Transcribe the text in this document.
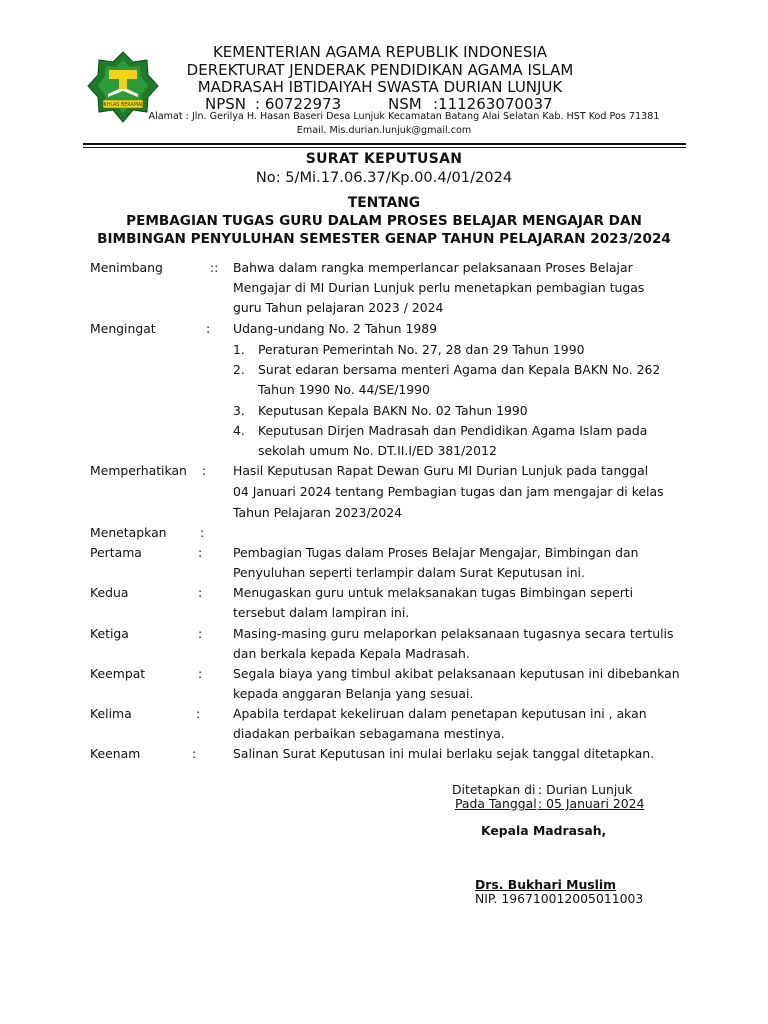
IKHLAS BERAMAL
KEMENTERIAN AGAMA REPUBLIK INDONESIA
DEREKTURAT JENDERAK PENDIDIKAN AGAMA ISLAM
MADRASAH IBTIDAIYAH SWASTA DURIAN LUNJUK
NPSN : 60722973	NSM :111263070037
Alamat : Jln. Gerilya H. Hasan Baseri Desa Lunjuk Kecamatan Batang Alai Selatan Kab. HST Kod Pos 71381
Email. Mis.durian.lunjuk@gmail.com
SURAT KEPUTUSAN
No: 5/Mi.17.06.37/Kp.00.4/01/2024
TENTANG
PEMBAGIAN TUGAS GURU DALAM PROSES BELAJAR MENGAJAR DAN
BIMBINGAN PENYULUHAN SEMESTER GENAP TAHUN PELAJARAN 2023/2024
Menimbang	:: Bahwa dalam rangka memperlancar pelaksanaan Proses Belajar
Mengajar di MI Durian Lunjuk perlu menetapkan pembagian tugas
guru Tahun pelajaran 2023 / 2024
Mengingat	: Udang-undang No. 2 Tahun 1989
1. Peraturan Pemerintah No. 27, 28 dan 29 Tahun 1990
2. Surat edaran bersama menteri Agama dan Kepala BAKN No. 262
Tahun 1990 No. 44/SE/1990
3. Keputusan Kepala BAKN No. 02 Tahun 1990
4. Keputusan Dirjen Madrasah dan Pendidikan Agama Islam pada
sekolah umum No. DT.II.I/ED 381/2012
Memperhatikan : Hasil Keputusan Rapat Dewan Guru MI Durian Lunjuk pada tanggal
04 Januari 2024 tentang Pembagian tugas dan jam mengajar di kelas
Tahun Pelajaran 2023/2024
Menetapkan	:
Pertama	: Pembagian Tugas dalam Proses Belajar Mengajar, Bimbingan dan
Penyuluhan seperti terlampir dalam Surat Keputusan ini.
Kedua	: Menugaskan guru untuk melaksanakan tugas Bimbingan seperti
tersebut dalam lampiran ini.
Ketiga	: Masing-masing guru melaporkan pelaksanaan tugasnya secara tertulis
dan berkala kepada Kepala Madrasah.
Keempat	: Segala biaya yang timbul akibat pelaksanaan keputusan ini dibebankan
kepada anggaran Belanja yang sesuai.
Kelima	:	Apabila terdapat kekeliruan dalam penetapan keputusan ini , akan
diadakan perbaikan sebagamana mestinya.
Keenam	:	Salinan Surat Keputusan ini mulai berlaku sejak tanggal ditetapkan.
Ditetapkan di : Durian Lunjuk
Pada Tanggal : 05 Januari 2024
Kepala Madrasah,
Drs. Bukhari Muslim
NIP. 196710012005011003
